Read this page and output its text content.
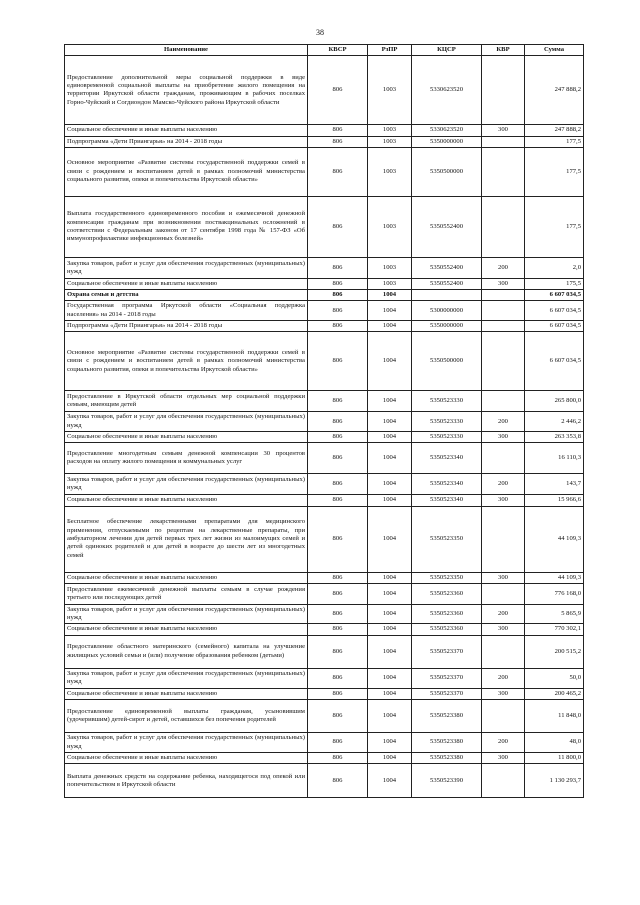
38
Наименование	КВСР	РзПР	КЦСР	КВР	Сумма
Предоставление дополнительной меры социальной поддержки в виде единовременной социальной выплаты на приобретение жилого помещения на территории Иркутской области гражданам, проживающим в рабочих поселках Горно-Чуйский и Согдиондон Мамско-Чуйского района Иркутской области	806	1003	5330623520		247 888,2
Социальное обеспечение и иные выплаты населению	806	1003	5330623520	300	247 888,2
Подпрограмма «Дети Приангарья» на 2014 - 2018 годы	806	1003	5350000000		177,5
Основное мероприятие «Развитие системы государственной поддержки семей в связи с рождением и воспитанием детей в рамках полномочий министерства социального развития, опеки и попечительства Иркутской области»	806	1003	5350500000		177,5
Выплата государственного единовременного пособия и ежемесячной денежной компенсации гражданам при возникновении поствакцинальных осложнений в соответствии с Федеральным законом от 17 сентября 1998 года № 157-ФЗ «Об иммунопрофилактике инфекционных болезней»	806	1003	5350552400		177,5
Закупка товаров, работ и услуг для обеспечения государственных (муниципальных) нужд	806	1003	5350552400	200	2,0
Социальное обеспечение и иные выплаты населению	806	1003	5350552400	300	175,5
Охрана семьи и детства	806	1004			6 607 034,5
Государственная программа Иркутской области «Социальная поддержка населения» на 2014 - 2018 годы	806	1004	5300000000		6 607 034,5
Подпрограмма «Дети Приангарья» на 2014 - 2018 годы	806	1004	5350000000		6 607 034,5
Основное мероприятие «Развитие системы государственной поддержки семей в связи с рождением и воспитанием детей в рамках полномочий министерства социального развития, опеки и попечительства Иркутской области»	806	1004	5350500000		6 607 034,5
Предоставление в Иркутской области отдельных мер социальной поддержки семьям, имеющим детей	806	1004	5350523330		265 800,0
Закупка товаров, работ и услуг для обеспечения государственных (муниципальных) нужд	806	1004	5350523330	200	2 446,2
Социальное обеспечение и иные выплаты населению	806	1004	5350523330	300	263 353,8
Предоставление многодетным семьям денежной компенсации 30 процентов расходов на оплату жилого помещения и коммунальных услуг	806	1004	5350523340		16 110,3
Закупка товаров, работ и услуг для обеспечения государственных (муниципальных) нужд	806	1004	5350523340	200	143,7
Социальное обеспечение и иные выплаты населению	806	1004	5350523340	300	15 966,6
Бесплатное обеспечение лекарственными препаратами для медицинского применения, отпускаемыми по рецептам на лекарственные препараты, при амбулаторном лечении для детей первых трех лет жизни из малоимущих семей и детей одиноких родителей и для детей в возрасте до шести лет из многодетных семей	806	1004	5350523350		44 109,3
Социальное обеспечение и иные выплаты населению	806	1004	5350523350	300	44 109,3
Предоставление ежемесячной денежной выплаты семьям в случае рождения третьего или последующих детей	806	1004	5350523360		776 168,0
Закупка товаров, работ и услуг для обеспечения государственных (муниципальных) нужд	806	1004	5350523360	200	5 865,9
Социальное обеспечение и иные выплаты населению	806	1004	5350523360	300	770 302,1
Предоставление областного материнского (семейного) капитала на улучшение жилищных условий семьи и (или) получение образования ребенком (детьми)	806	1004	5350523370		200 515,2
Закупка товаров, работ и услуг для обеспечения государственных (муниципальных) нужд	806	1004	5350523370	200	50,0
Социальное обеспечение и иные выплаты населению	806	1004	5350523370	300	200 465,2
Предоставление единовременной выплаты гражданам, усыновившим (удочерившим) детей-сирот и детей, оставшихся без попечения родителей	806	1004	5350523380		11 848,0
Закупка товаров, работ и услуг для обеспечения государственных (муниципальных) нужд	806	1004	5350523380	200	48,0
Социальное обеспечение и иные выплаты населению	806	1004	5350523380	300	11 800,0
Выплата денежных средств на содержание ребенка, находящегося под опекой или попечительством в Иркутской области	806	1004	5350523390		1 130 293,7
